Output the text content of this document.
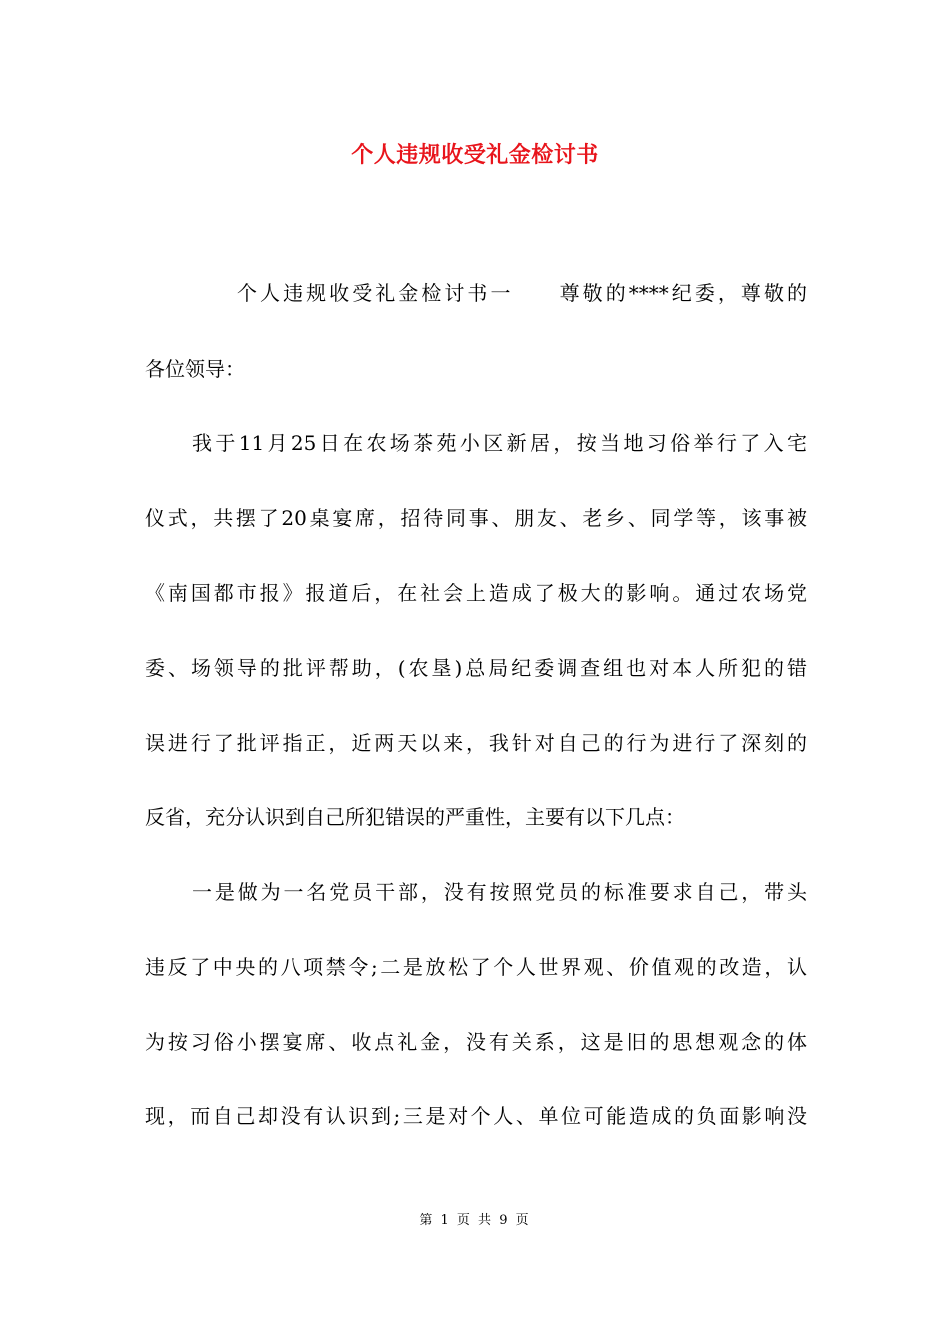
个人违规收受礼金检讨书
个人违规收受礼金检讨书一　　尊敬的****纪委，尊敬的
各位领导：
我于11月25日在农场茶苑小区新居，按当地习俗举行了入宅
仪式，共摆了20桌宴席，招待同事、朋友、老乡、同学等，该事被
《南国都市报》报道后，在社会上造成了极大的影响。通过农场党
委、场领导的批评帮助，(农垦)总局纪委调查组也对本人所犯的错
误进行了批评指正，近两天以来，我针对自己的行为进行了深刻的
反省，充分认识到自己所犯错误的严重性，主要有以下几点：
一是做为一名党员干部，没有按照党员的标准要求自己，带头
违反了中央的八项禁令;二是放松了个人世界观、价值观的改造，认
为按习俗小摆宴席、收点礼金，没有关系，这是旧的思想观念的体
现，而自己却没有认识到;三是对个人、单位可能造成的负面影响没
第 1 页 共 9 页
